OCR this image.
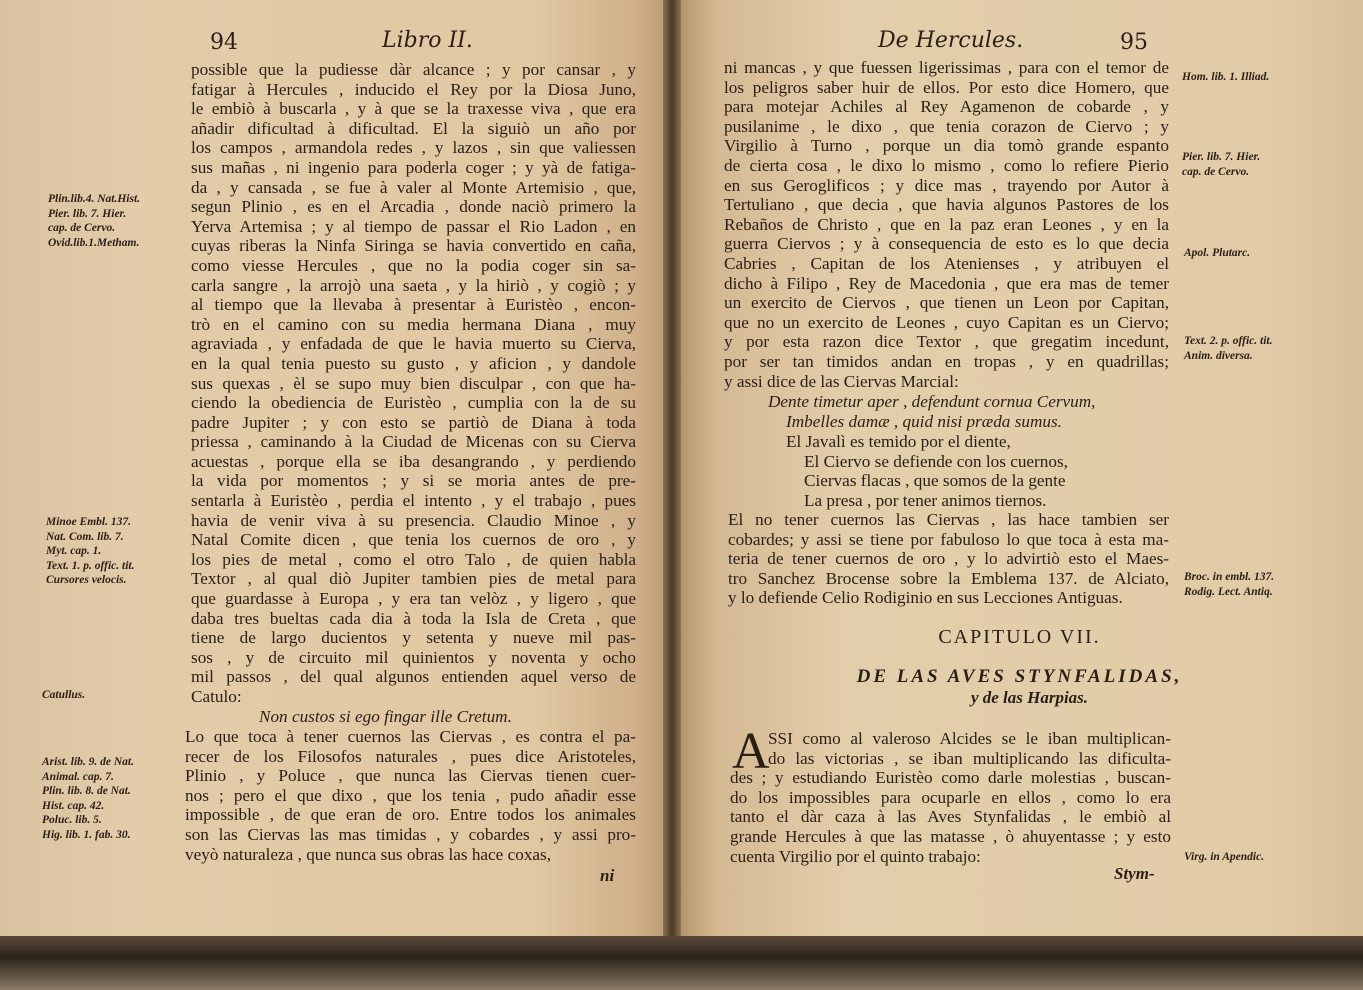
94	Libro II.
possible que la pudiesse dàr alcance ; y por cansar , y
fatigar à Hercules , inducido el Rey por la Diosa Juno,
le embiò à buscarla , y à que se la traxesse viva , que era
añadir dificultad à dificultad. El la siguiò un año por
los campos , armandola redes , y lazos , sin que valiessen
sus mañas , ni ingenio para poderla coger ; y yà de fatiga-
da , y cansada , se fue à valer al Monte Artemisio , que,
segun Plinio , es en el Arcadia , donde naciò primero la
Yerva Artemisa ; y al tiempo de passar el Rio Ladon , en
cuyas riberas la Ninfa Siringa se havia convertido en caña,
como viesse Hercules , que no la podia coger sin sa-
carla sangre , la arrojò una saeta , y la hiriò , y cogiò ; y
al tiempo que la llevaba à presentar à Euristèo , encon-
trò en el camino con su media hermana Diana , muy
agraviada , y enfadada de que le havia muerto su Cierva,
en la qual tenia puesto su gusto , y aficion , y dandole
sus quexas , èl se supo muy bien disculpar , con que ha-
ciendo la obediencia de Euristèo , cumplia con la de su
padre Jupiter ; y con esto se partiò de Diana à toda
priessa , caminando à la Ciudad de Micenas con su Cierva
acuestas , porque ella se iba desangrando , y perdiendo
la vida por momentos ; y si se moria antes de pre-
sentarla à Euristèo , perdia el intento , y el trabajo , pues
havia de venir viva à su presencia. Claudio Minoe , y
Natal Comite dicen , que tenia los cuernos de oro , y
los pies de metal , como el otro Talo , de quien habla
Textor , al qual diò Jupiter tambien pies de metal para
que guardasse à Europa , y era tan velòz , y ligero , que
daba tres bueltas cada dia à toda la Isla de Creta , que
tiene de largo ducientos y setenta y nueve mil pas-
sos , y de circuito mil quinientos y noventa y ocho
mil passos , del qual algunos entienden aquel verso de
Catulo:
Non custos si ego fingar ille Cretum.
Lo que toca à tener cuernos las Ciervas , es contra el pa-
recer de los Filosofos naturales , pues dice Aristoteles,
Plinio , y Poluce , que nunca las Ciervas tienen cuer-
nos ; pero el que dixo , que los tenia , pudo añadir esse
impossible , de que eran de oro. Entre todos los animales
son las Ciervas las mas timidas , y cobardes , y assi pro-
veyò naturaleza , que nunca sus obras las hace coxas,
ni
Plin.lib.4. Nat.Hist.
Pier. lib. 7. Hier.
cap. de Cervo.
Ovid.lib.1.Metham.
Minoe Embl. 137.
Nat. Com. lib. 7.
Myt. cap. 1.
Text. 1. p. offic. tit.
Cursores velocis.
Catullus.
Arist. lib. 9. de Nat.
Animal. cap. 7.
Plin. lib. 8. de Nat.
Hist. cap. 42.
Poluc. lib. 5.
Hig. lib. 1. fab. 30.
De Hercules.	95
ni mancas , y que fuessen ligerissimas , para con el temor de
los peligros saber huir de ellos. Por esto dice Homero, que
para motejar Achiles al Rey Agamenon de cobarde , y
pusilanime , le dixo , que tenia corazon de Ciervo ; y
Virgilio à Turno , porque un dia tomò grande espanto
de cierta cosa , le dixo lo mismo , como lo refiere Pierio
en sus Geroglificos ; y dice mas , trayendo por Autor à
Tertuliano , que decia , que havia algunos Pastores de los
Rebaños de Christo , que en la paz eran Leones , y en la
guerra Ciervos ; y à consequencia de esto es lo que decia
Cabries , Capitan de los Atenienses , y atribuyen el
dicho à Filipo , Rey de Macedonia , que era mas de temer
un exercito de Ciervos , que tienen un Leon por Capitan,
que no un exercito de Leones , cuyo Capitan es un Ciervo;
y por esta razon dice Textor , que gregatim incedunt,
por ser tan timidos andan en tropas , y en quadrillas;
y assi dice de las Ciervas Marcial:
Dente timetur aper , defendunt cornua Cervum,
Imbelles damæ , quid nisi præda sumus.
El Javalì es temido por el diente,
El Ciervo se defiende con los cuernos,
Ciervas flacas , que somos de la gente
La presa , por tener animos tiernos.
El no tener cuernos las Ciervas , las hace tambien ser
cobardes; y assi se tiene por fabuloso lo que toca à esta ma-
teria de tener cuernos de oro , y lo advirtiò esto el Maes-
tro Sanchez Brocense sobre la Emblema 137. de Alciato,
y lo defiende Celio Rodiginio en sus Lecciones Antiguas.
CAPITULO VII.
DE LAS AVES STYNFALIDAS,
y de las Harpias.
A
SSI como al valeroso Alcides se le iban multiplican-
do las victorias , se iban multiplicando las dificulta-
des ; y estudiando Euristèo como darle molestias , buscan-
do los impossibles para ocuparle en ellos , como lo era
tanto el dàr caza à las Aves Stynfalidas , le embiò al
grande Hercules à que las matasse , ò ahuyentasse ; y esto
cuenta Virgilio por el quinto trabajo:
Stym-
Hom. lib. 1. Illiad.
Pier. lib. 7. Hier.
cap. de Cervo.
Apol. Plutarc.
Text. 2. p. offic. tit.
Anim. diversa.
Broc. in embl. 137.
Rodig. Lect. Antiq.
Virg. in Apendic.
